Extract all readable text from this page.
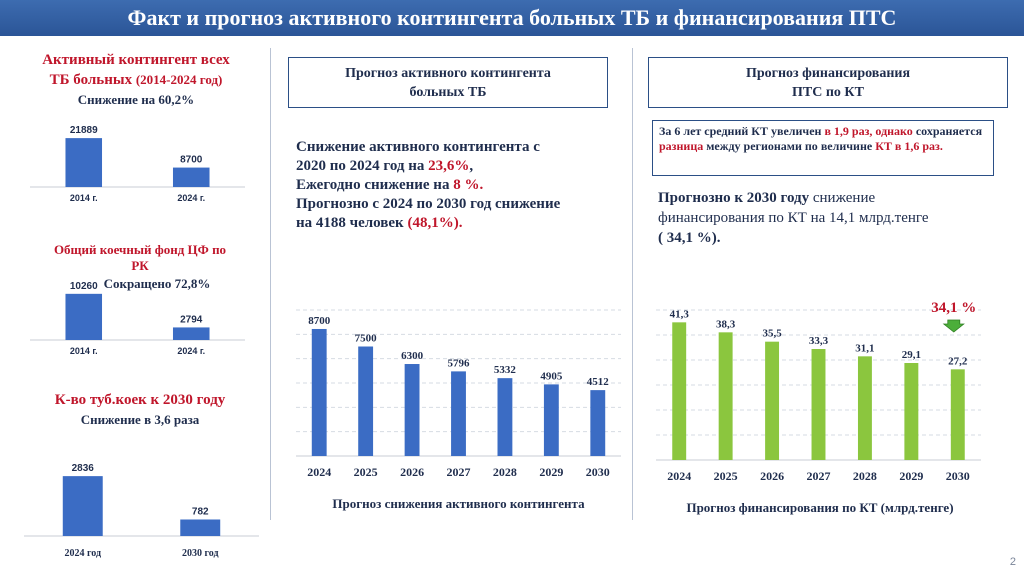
Факт и прогноз активного контингента больных ТБ и финансирования ПТС
Активный контингент всех
ТБ больных (2014-2024 год)
Снижение на 60,2%
21889
2014 г.
8700
2024 г.
Общий коечный фонд ЦФ по
РК
Сокращено 72,8%
10260
2014 г.
2794
2024 г.
К-во туб.коек к 2030 году
Снижение в 3,6 раза
2836
2024 год
782
2030 год
Прогноз активного контингента
больных ТБ
Снижение активного контингента с
2020 по 2024 год на 23,6%,
Ежегодно снижение на 8 %.
Прогнозно с 2024 по 2030 год снижение
на 4188 человек (48,1%).
8700
2024
7500
2025
6300
2026
5796
2027
5332
2028
4905
2029
4512
2030
Прогноз снижения активного контингента
Прогноз финансирования
ПТС по КТ
За 6 лет средний КТ увеличен в 1,9 раз, однако сохраняется разница между регионами по величине КТ в 1,6 раз.
Прогнозно к 2030 году снижение
финансирования по КТ на 14,1 млрд.тенге
( 34,1 %).
41,3
2024
38,3
2025
35,5
2026
33,3
2027
31,1
2028
29,1
2029
27,2
2030
34,1 %
Прогноз финансирования по КТ (млрд.тенге)
2
